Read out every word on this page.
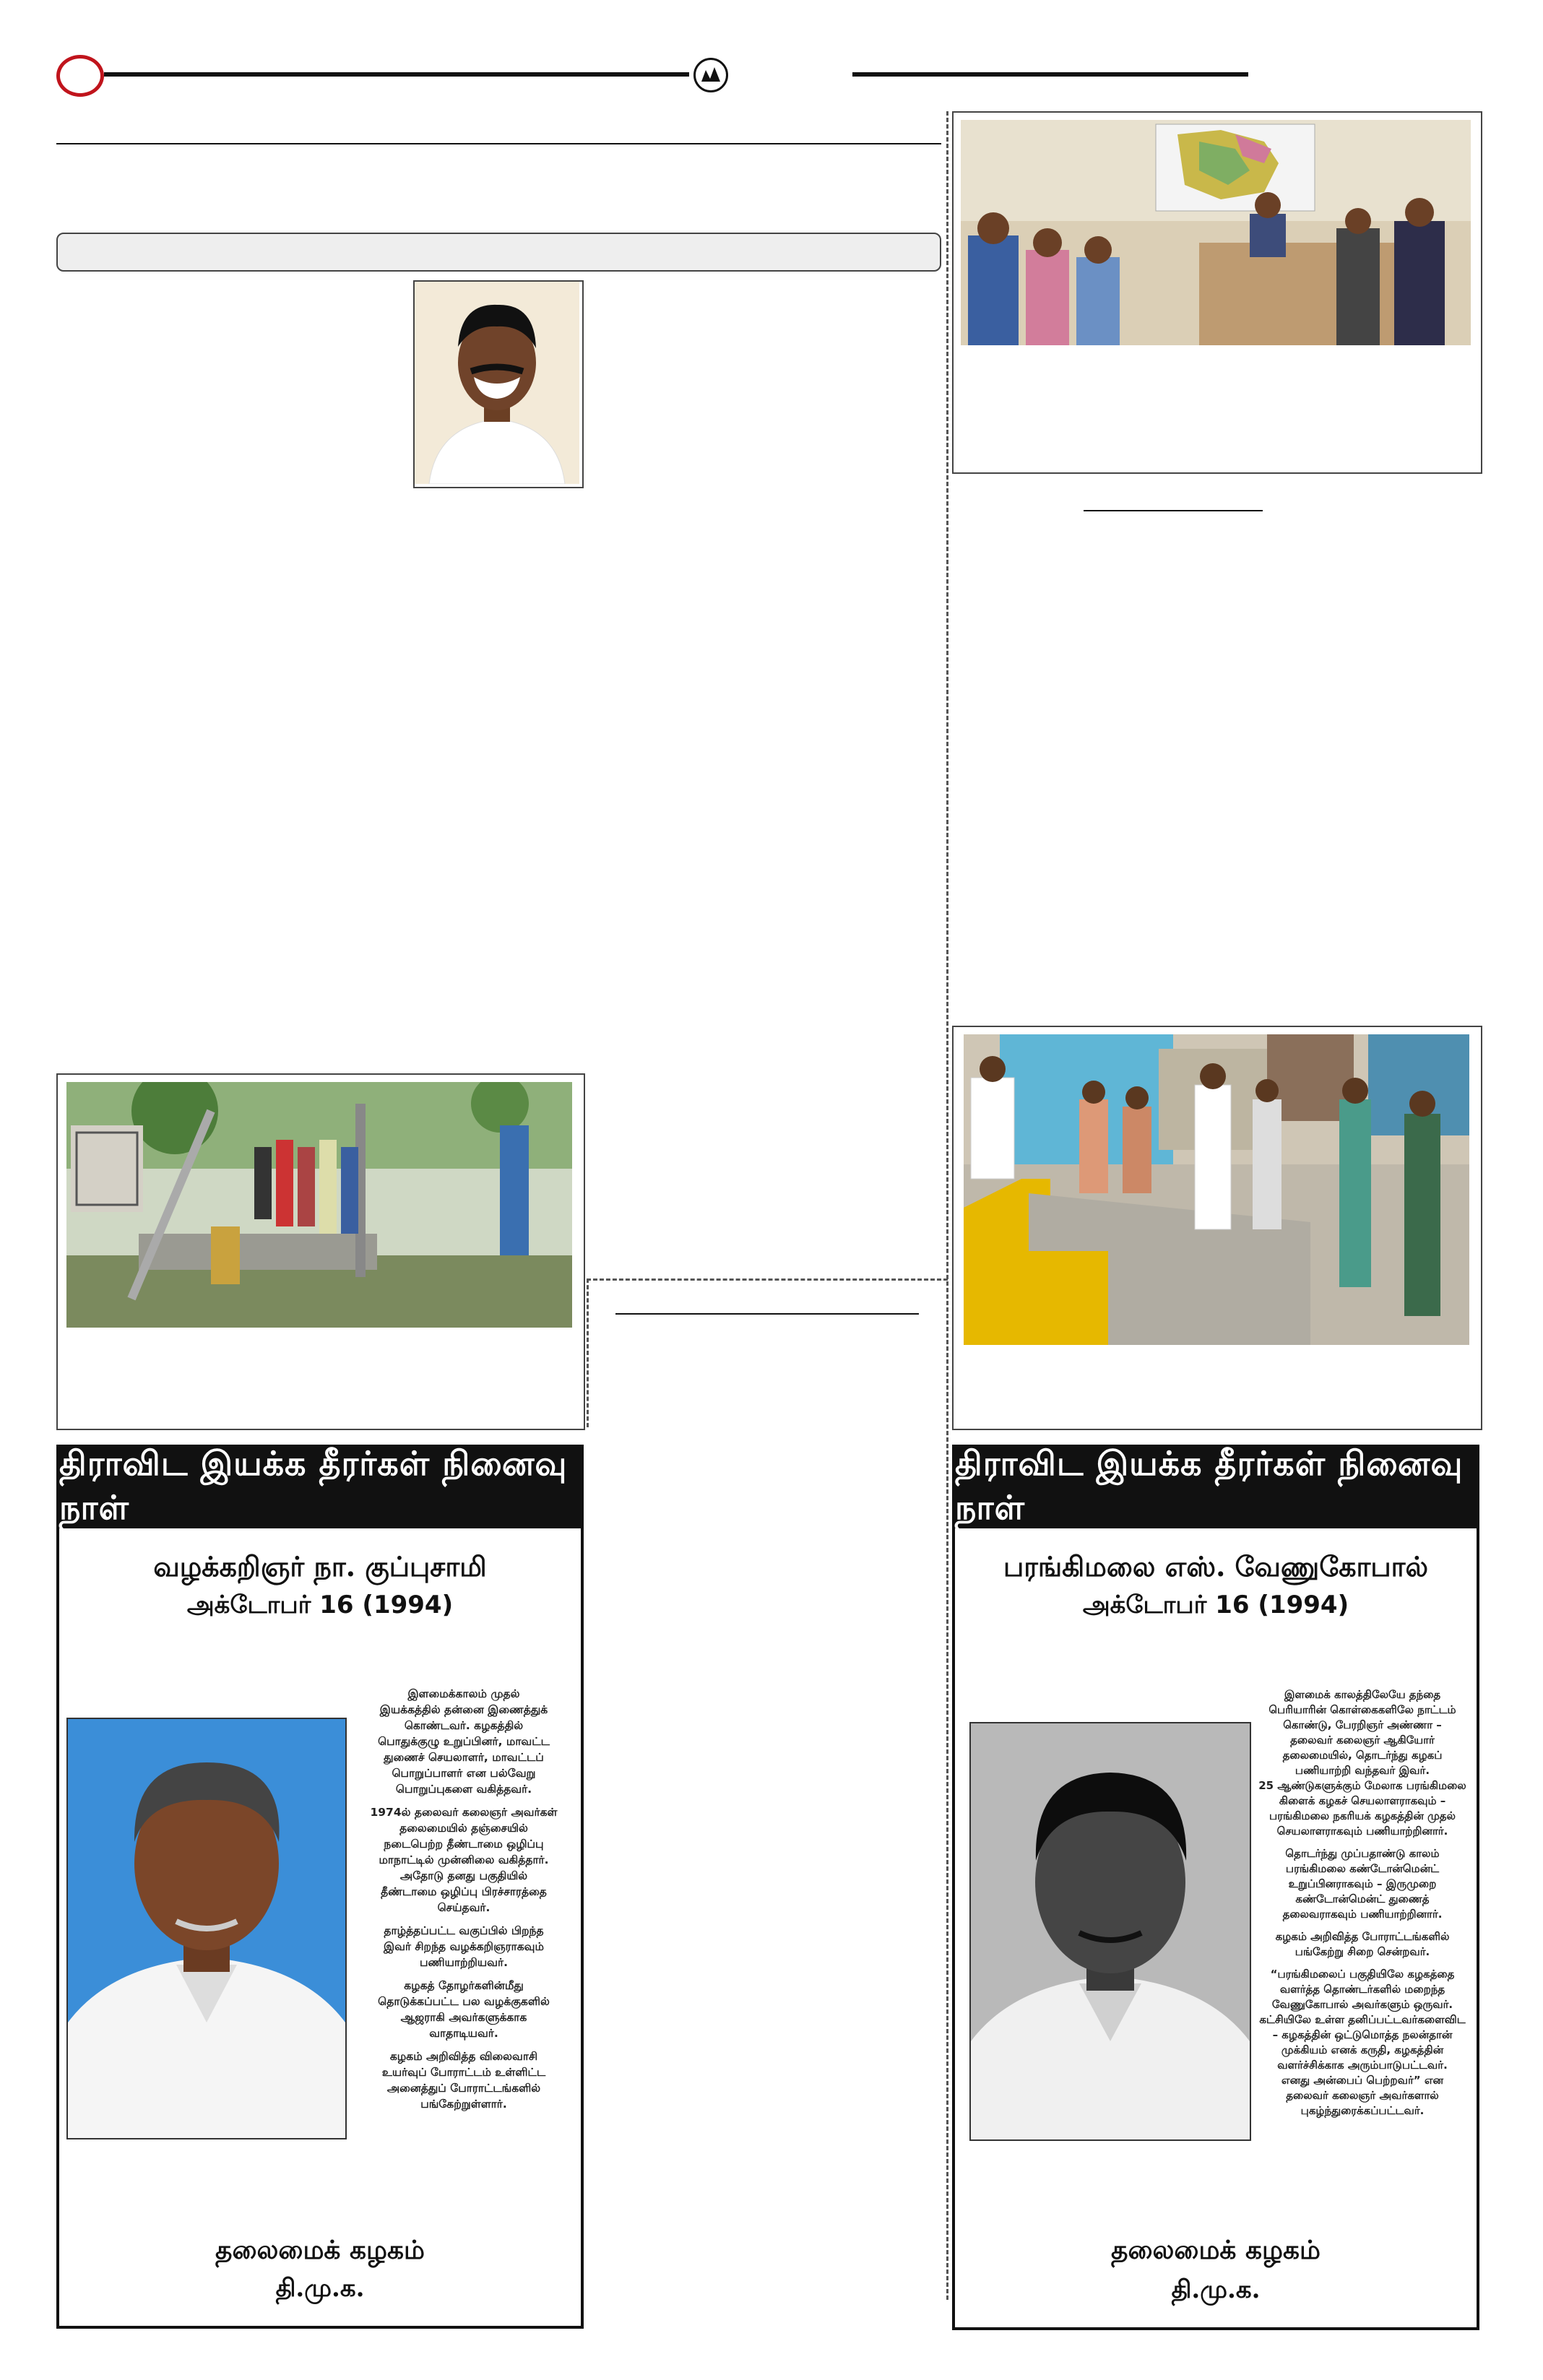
திராவிட இயக்க தீரர்கள் நினைவு நாள்
வழக்கறிஞர் நா. குப்புசாமி
அக்டோபர் 16 (1994)

இளமைக்காலம் முதல்
இயக்கத்தில் தன்னை இணைத்துக்
கொண்டவர். கழகத்தில்
பொதுக்குழு உறுப்பினர், மாவட்ட
துணைச் செயலாளர், மாவட்டப்
பொறுப்பாளர் என பல்வேறு
பொறுப்புகளை வகித்தவர்.

1974ல் தலைவர் கலைஞர் அவர்கள்
தலைமையில் தஞ்சையில்
நடைபெற்ற தீண்டாமை ஒழிப்பு
மாநாட்டில் முன்னிலை வகித்தார்.
அதோடு தனது பகுதியில்
தீண்டாமை ஒழிப்பு பிரச்சாரத்தை
செய்தவர்.

தாழ்த்தப்பட்ட வகுப்பில் பிறந்த
இவர் சிறந்த வழக்கறிஞராகவும்
பணியாற்றியவர்.

கழகத் தோழர்களின்மீது
தொடுக்கப்பட்ட பல வழக்குகளில்
ஆஜராகி அவர்களுக்காக
வாதாடியவர்.

கழகம் அறிவித்த விலைவாசி
உயர்வுப் போராட்டம் உள்ளிட்ட
அனைத்துப் போராட்டங்களில்
பங்கேற்றுள்ளார்.

தலைமைக் கழகம்
தி.மு.க.
திராவிட இயக்க தீரர்கள் நினைவு நாள்
பரங்கிமலை எஸ். வேணுகோபால்
அக்டோபர் 16 (1994)

இளமைக் காலத்திலேயே தந்தை
பெரியாரின் கொள்கைகளிலே நாட்டம்
கொண்டு, பேரறிஞர் அண்ணா –
தலைவர் கலைஞர் ஆகியோர்
தலைமையில், தொடர்ந்து கழகப்
பணியாற்றி வந்தவர் இவர்.
25 ஆண்டுகளுக்கும் மேலாக பரங்கிமலை
கிளைக் கழகச் செயலாளராகவும் –
பரங்கிமலை நகரியக் கழகத்தின் முதல்
செயலாளராகவும் பணியாற்றினார்.

தொடர்ந்து முப்பதாண்டு காலம்
பரங்கிமலை கண்டோன்மென்ட்
உறுப்பினராகவும் – இருமுறை
கண்டோன்மென்ட் துணைத்
தலைவராகவும் பணியாற்றினார்.

கழகம் அறிவித்த போராட்டங்களில்
பங்கேற்று சிறை சென்றவர்.

“பரங்கிமலைப் பகுதியிலே கழகத்தை
வளர்த்த தொண்டர்களில் மறைந்த
வேணுகோபால் அவர்களும் ஒருவர்.
கட்சியிலே உள்ள தனிப்பட்டவர்களைவிட
– கழகத்தின் ஒட்டுமொத்த நலன்தான்
முக்கியம் எனக் கருதி, கழகத்தின்
வளர்ச்சிக்காக அரும்பாடுபட்டவர்.
எனது அன்பைப் பெற்றவர்” என
தலைவர் கலைஞர் அவர்களால்
புகழ்ந்துரைக்கப்பட்டவர்.

தலைமைக் கழகம்
தி.மு.க.
